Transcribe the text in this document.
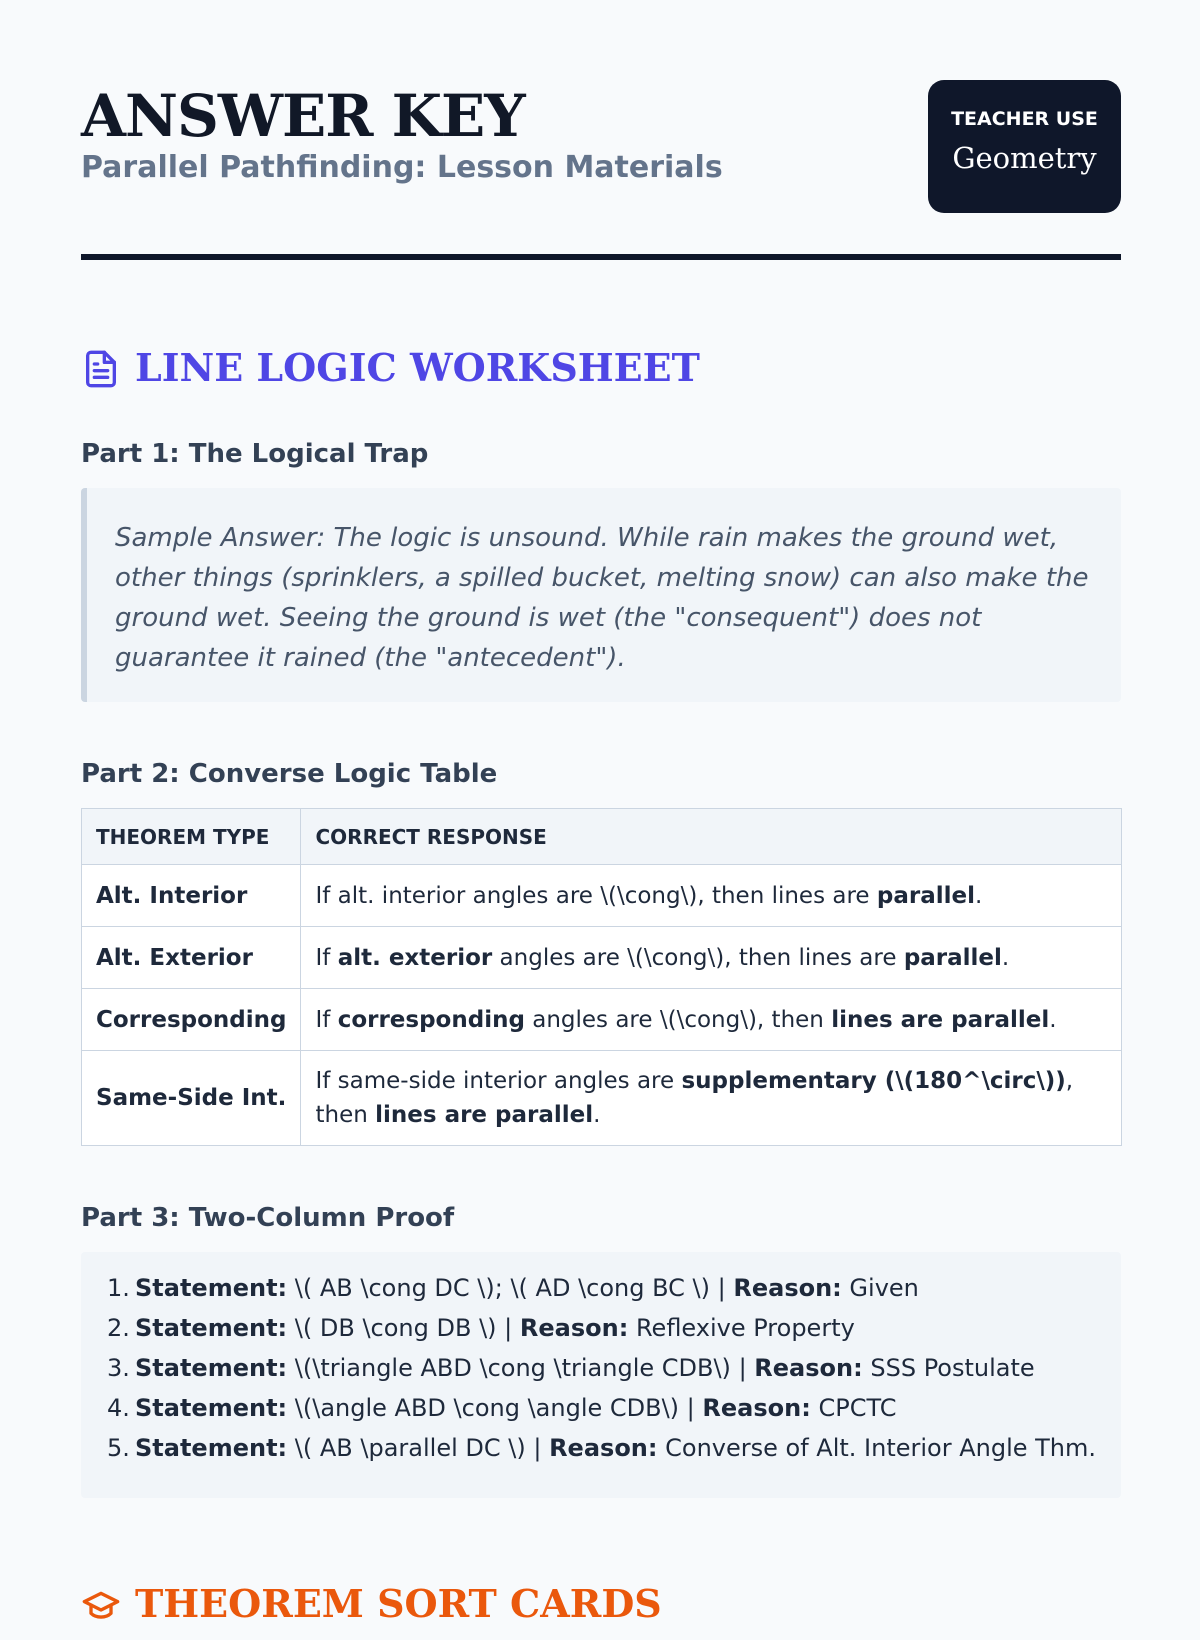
ANSWER KEY

Parallel Pathfinding: Lesson Materials

TEACHER USE
Geometry
LINE LOGIC WORKSHEET
Part 1: The Logical Trap
Sample Answer: The logic is unsound. While rain makes the ground wet, other things (sprinklers, a spilled bucket, melting snow) can also make the ground wet. Seeing the ground is wet (the "consequent") does not guarantee it rained (the "antecedent").
Part 2: Converse Logic Table
THEOREM TYPE	CORRECT RESPONSE
Alt. Interior	If alt. interior angles are \(\cong\), then lines are parallel.
Alt. Exterior	If alt. exterior angles are \(\cong\), then lines are parallel.
Corresponding	If corresponding angles are \(\cong\), then lines are parallel.
Same-Side Int.	If same-side interior angles are supplementary (\(180^\circ\)), then lines are parallel.
Part 3: Two-Column Proof
1. Statement: \( AB \cong DC \); \( AD \cong BC \) | Reason: Given
2. Statement: \( DB \cong DB \) | Reason: Reflexive Property
3. Statement: \(\triangle ABD \cong \triangle CDB\) | Reason: SSS Postulate
4. Statement: \(\angle ABD \cong \angle CDB\) | Reason: CPCTC
5. Statement: \( AB \parallel DC \) | Reason: Converse of Alt. Interior Angle Thm.
THEOREM SORT CARDS
